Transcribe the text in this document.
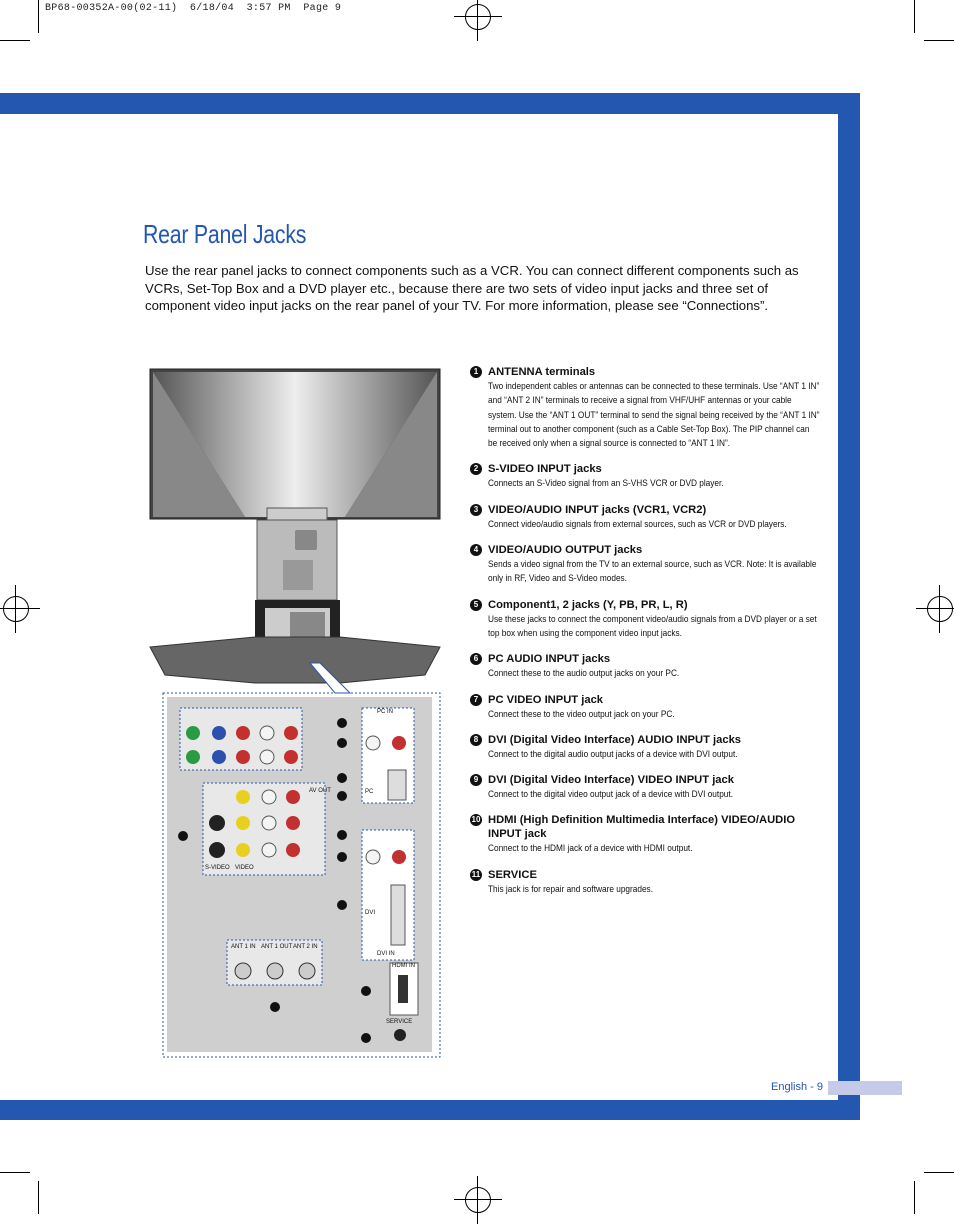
BP68-00352A-00(02-11)  6/18/04  3:57 PM  Page 9
English - 9
Rear Panel Jacks

Use the rear panel jacks to connect components such as a VCR. You can connect different components such as VCRs, Set-Top Box and a DVD player etc., because there are two sets of video input jacks and three set of component video input jacks on the rear panel of your TV. For more information, please see “Connections”.

PC IN
PC
AV OUT
DVI
DVI IN
HDMI IN
SERVICE
S-VIDEO VIDEO
ANT 1 IN ANT 1 OUT ANT 2 IN
1 ANTENNA terminals
Two independent cables or antennas can be connected to these terminals. Use “ANT 1 IN” and “ANT 2 IN” terminals to receive a signal from VHF/UHF antennas or your cable system. Use the “ANT 1 OUT” terminal to send the signal being received by the “ANT 1 IN” terminal out to another component (such as a Cable Set-Top Box). The PIP channel can be received only when a signal source is connected to “ANT 1 IN”.
2 S-VIDEO INPUT jacks
Connects an S-Video signal from an S-VHS VCR or DVD player.
3 VIDEO/AUDIO INPUT jacks (VCR1, VCR2)
Connect video/audio signals from external sources, such as VCR or DVD players.
4 VIDEO/AUDIO OUTPUT jacks
Sends a video signal from the TV to an external source, such as VCR. Note: It is available only in RF, Video and S-Video modes.
5 Component1, 2 jacks (Y, PB, PR, L, R)
Use these jacks to connect the component video/audio signals from a DVD player or a set top box when using the component video input jacks.
6 PC AUDIO INPUT jacks
Connect these to the audio output jacks on your PC.
7 PC VIDEO INPUT jack
Connect these to the video output jack on your PC.
8 DVI (Digital Video Interface) AUDIO INPUT jacks
Connect to the digital audio output jacks of a device with DVI output.
9 DVI (Digital Video Interface) VIDEO INPUT jack
Connect to the digital video output jack of a device with DVI output.
10 HDMI (High Definition Multimedia Interface) VIDEO/AUDIO INPUT jack
Connect to the HDMI jack of a device with HDMI output.
11 SERVICE
This jack is for repair and software upgrades.
